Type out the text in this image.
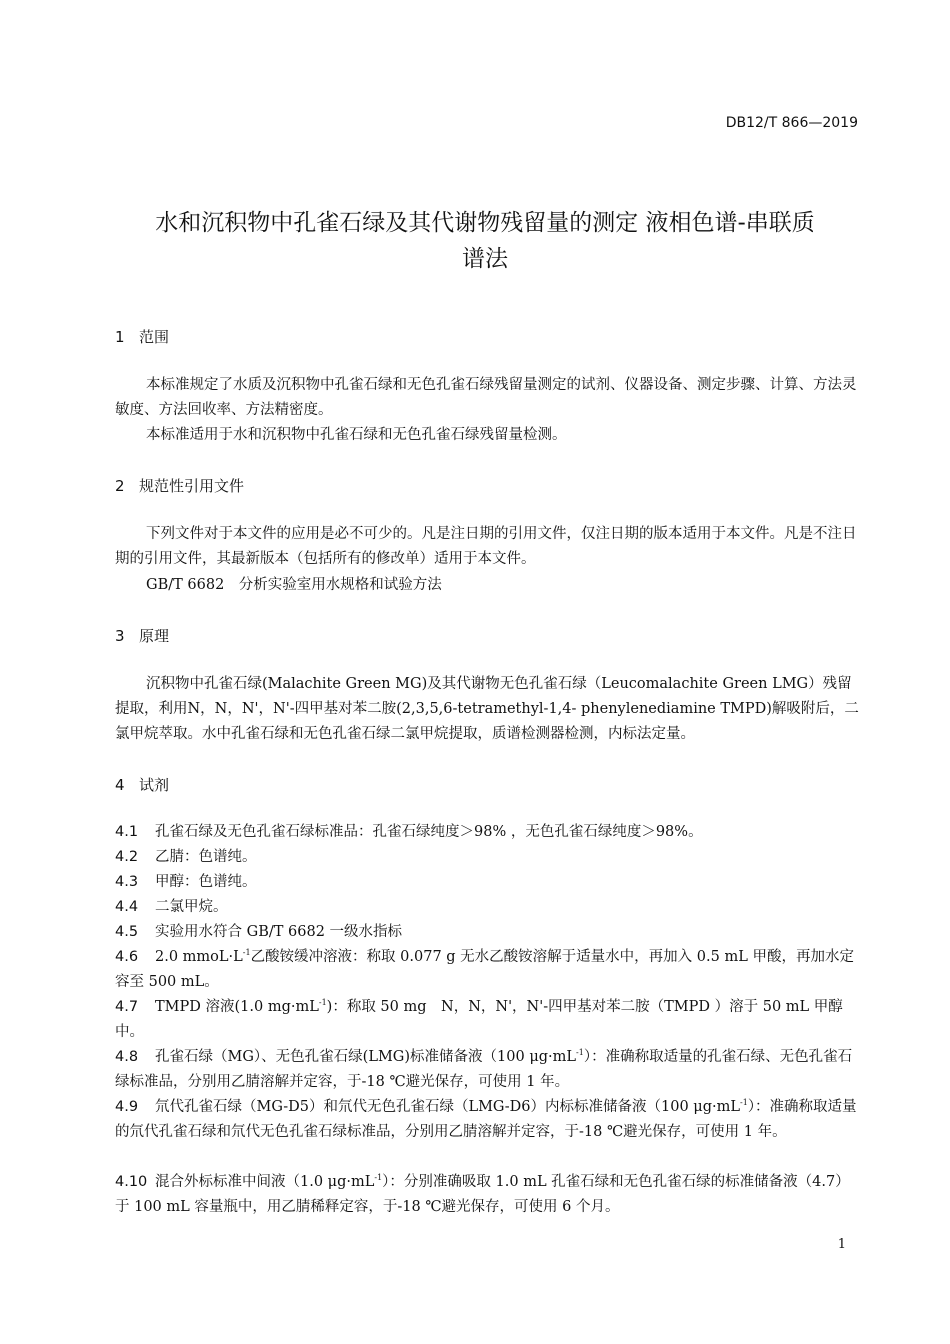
DB12/T 866—2019
水和沉积物中孔雀石绿及其代谢物残留量的测定 液相色谱-串联质
谱法
1 范围
本标准规定了水质及沉积物中孔雀石绿和无色孔雀石绿残留量测定的试剂、仪器设备、测定步骤、计算、方法灵敏度、方法回收率、方法精密度。
本标准适用于水和沉积物中孔雀石绿和无色孔雀石绿残留量检测。
2 规范性引用文件
下列文件对于本文件的应用是必不可少的。凡是注日期的引用文件，仅注日期的版本适用于本文件。凡是不注日期的引用文件，其最新版本（包括所有的修改单）适用于本文件。
GB/T 6682　分析实验室用水规格和试验方法
3 原理
沉积物中孔雀石绿(Malachite Green MG)及其代谢物无色孔雀石绿（Leucomalachite Green LMG）残留提取，利用N，N，N'，N'-四甲基对苯二胺(2,3,5,6-tetramethyl-1,4- phenylenediamine TMPD)解吸附后，二氯甲烷萃取。水中孔雀石绿和无色孔雀石绿二氯甲烷提取，质谱检测器检测，内标法定量。
4 试剂
4.1 孔雀石绿及无色孔雀石绿标准品：孔雀石绿纯度＞98% ，无色孔雀石绿纯度＞98%。
4.2 乙腈：色谱纯。
4.3 甲醇：色谱纯。
4.4 二氯甲烷。
4.5 实验用水符合 GB/T 6682 一级水指标
4.6 2.0 $mmoL\cdot L^{-1}$乙酸铵缓冲溶液：称取 0.077 g 无水乙酸铵溶解于适量水中，再加入 0.5 mL 甲酸，再加水定容至 500 mL。
4.7 TMPD 溶液(1.0 $mg\cdot mL^{-1}$)：称取 50 mg　N，N，N'，N'-四甲基对苯二胺（TMPD ）溶于 50 mL 甲醇中。
4.8 孔雀石绿（MG）、无色孔雀石绿(LMG)标准储备液（100 $\mu g\cdot mL^{-1}$）：准确称取适量的孔雀石绿、无色孔雀石绿标准品，分别用乙腈溶解并定容，于-18 ℃避光保存，可使用 1 年。
4.9 氘代孔雀石绿（MG-D5）和氘代无色孔雀石绿（LMG-D6）内标标准储备液（100 $\mu g\cdot mL^{-1}$）：准确称取适量的氘代孔雀石绿和氘代无色孔雀石绿标准品，分别用乙腈溶解并定容，于-18 ℃避光保存，可使用 1 年。
4.10 混合外标标准中间液（1.0 $\mu g\cdot mL^{-1}$）：分别准确吸取 1.0 mL 孔雀石绿和无色孔雀石绿的标准储备液（4.7）于 100 mL 容量瓶中，用乙腈稀释定容，于-18 ℃避光保存，可使用 6 个月。
1
